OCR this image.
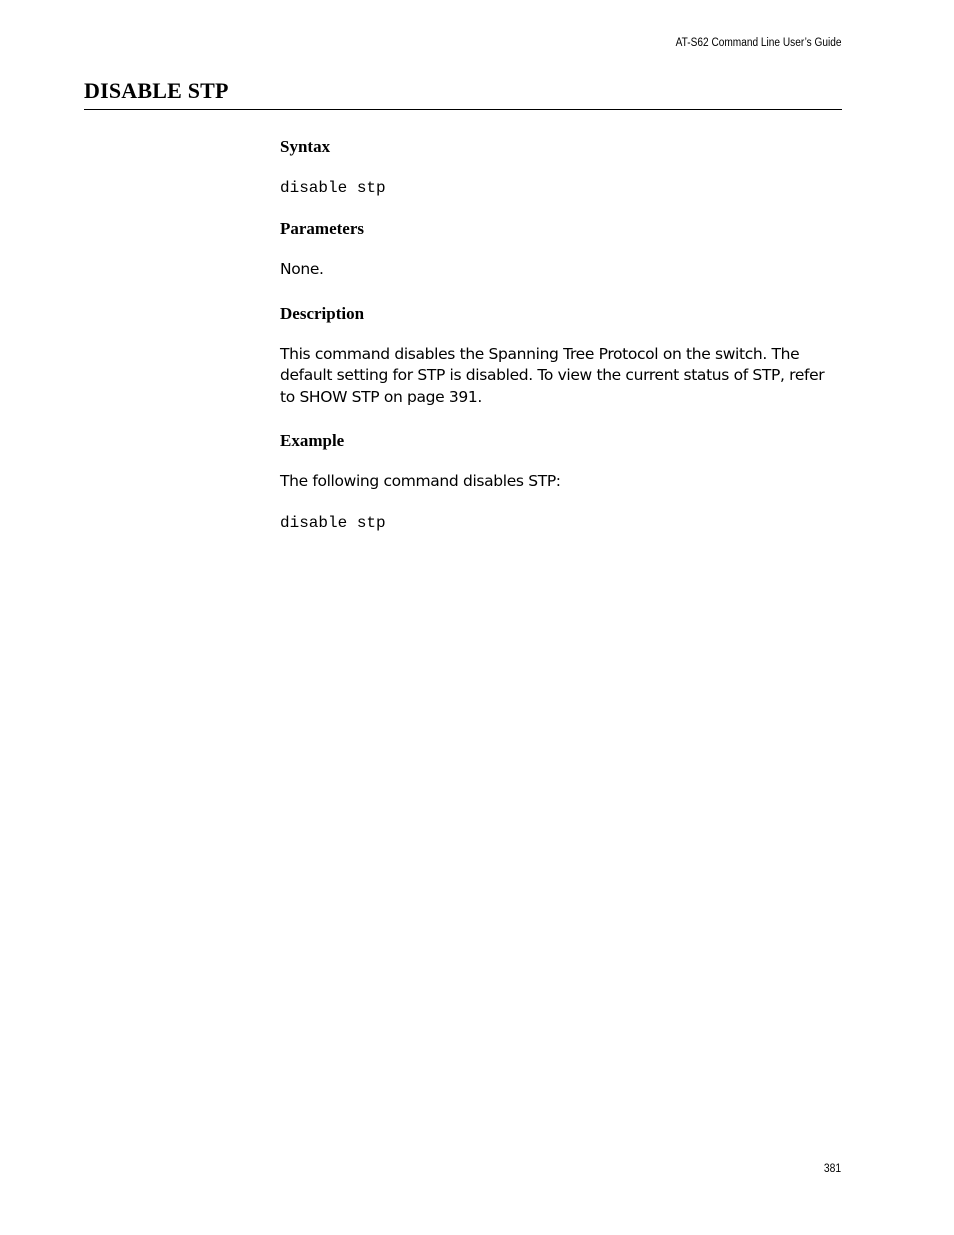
AT-S62 Command Line User’s Guide
DISABLE STP
Syntax
disable stp
Parameters

None.

Description

This command disables the Spanning Tree Protocol on the switch. The
default setting for STP is disabled. To view the current status of STP, refer
to SHOW STP on page 391.

Example

The following command disables STP:

disable stp
381
